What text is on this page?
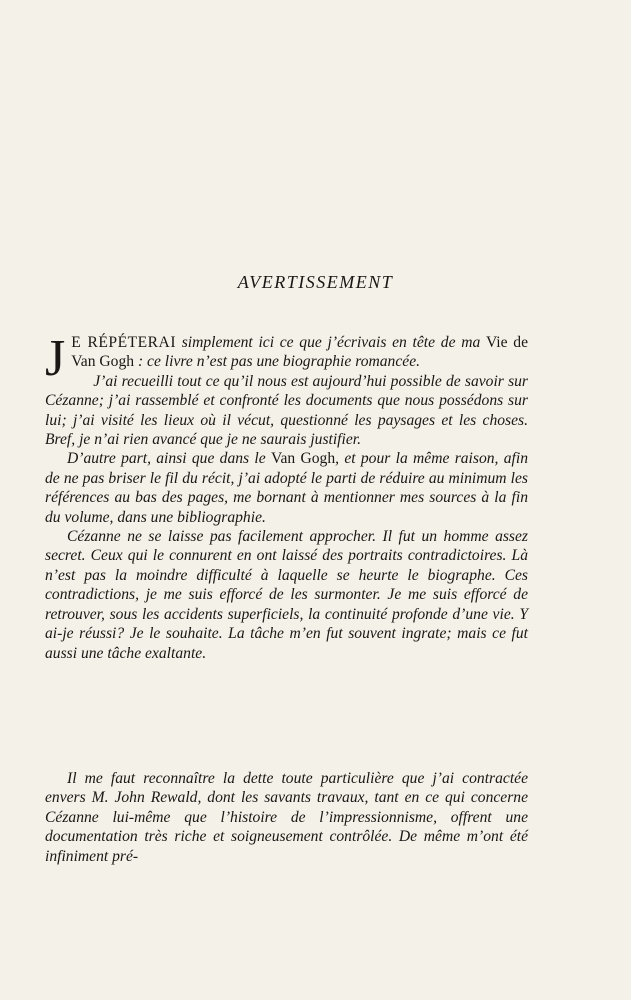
AVERTISSEMENT

J E RÉPÉTERAI simplement ici ce que j’écrivais en tête de ma Vie de Van Gogh : ce livre n’est pas une biographie romancée.

J’ai recueilli tout ce qu’il nous est aujourd’hui possible de savoir sur Cézanne; j’ai rassemblé et confronté les documents que nous possédons sur lui; j’ai visité les lieux où il vécut, questionné les paysages et les choses. Bref, je n’ai rien avancé que je ne saurais justifier.

D’autre part, ainsi que dans le Van Gogh, et pour la même raison, afin de ne pas briser le fil du récit, j’ai adopté le parti de réduire au minimum les références au bas des pages, me bornant à mentionner mes sources à la fin du volume, dans une bibliographie.

Cézanne ne se laisse pas facilement approcher. Il fut un homme assez secret. Ceux qui le connurent en ont laissé des portraits contradictoires. Là n’est pas la moindre difficulté à laquelle se heurte le biographe. Ces contradictions, je me suis efforcé de les surmonter. Je me suis efforcé de retrouver, sous les accidents superficiels, la continuité profonde d’une vie. Y ai-je réussi? Je le souhaite. La tâche m’en fut souvent ingrate; mais ce fut aussi une tâche exaltante.

Il me faut reconnaître la dette toute particulière que j’ai contractée envers M. John Rewald, dont les savants travaux, tant en ce qui concerne Cézanne lui-même que l’histoire de l’impressionnisme, offrent une documentation très riche et soigneusement contrôlée. De même m’ont été infiniment pré-
